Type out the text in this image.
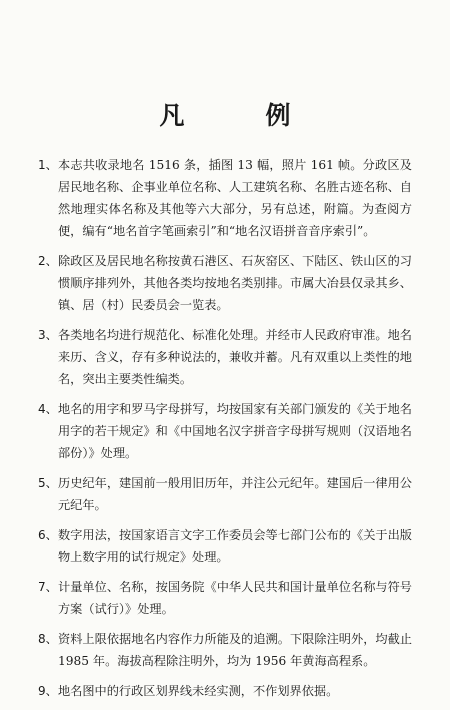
凡　例
1、 本志共收录地名 1516 条，插图 13 幅，照片 161 帧。分政区及居民地名称、企事业单位名称、人工建筑名称、名胜古迹名称、自然地理实体名称及其他等六大部分，另有总述，附篇。为查阅方便，编有“地名首字笔画索引”和“地名汉语拼音音序索引”。
2、 除政区及居民地名称按黄石港区、石灰窑区、下陆区、铁山区的习惯顺序排列外，其他各类均按地名类别排。市属大冶县仅录其乡、镇、居（村）民委员会一览表。
3、 各类地名均进行规范化、标准化处理。并经市人民政府审准。地名来历、含义，存有多种说法的，兼收并蓄。凡有双重以上类性的地名，突出主要类性编类。
4、 地名的用字和罗马字母拼写，均按国家有关部门颁发的《关于地名用字的若干规定》和《中国地名汉字拼音字母拼写规则（汉语地名部份）》处理。
5、 历史纪年，建国前一般用旧历年，并注公元纪年。建国后一律用公元纪年。
6、 数字用法，按国家语言文字工作委员会等七部门公布的《关于出版物上数字用的试行规定》处理。
7、 计量单位、名称，按国务院《中华人民共和国计量单位名称与符号方案（试行）》处理。
8、 资料上限依据地名内容作力所能及的追溯。下限除注明外，均截止 1985 年。海拔高程除注明外，均为 1956 年黄海高程系。
9、 地名图中的行政区划界线未经实测，不作划界依据。
